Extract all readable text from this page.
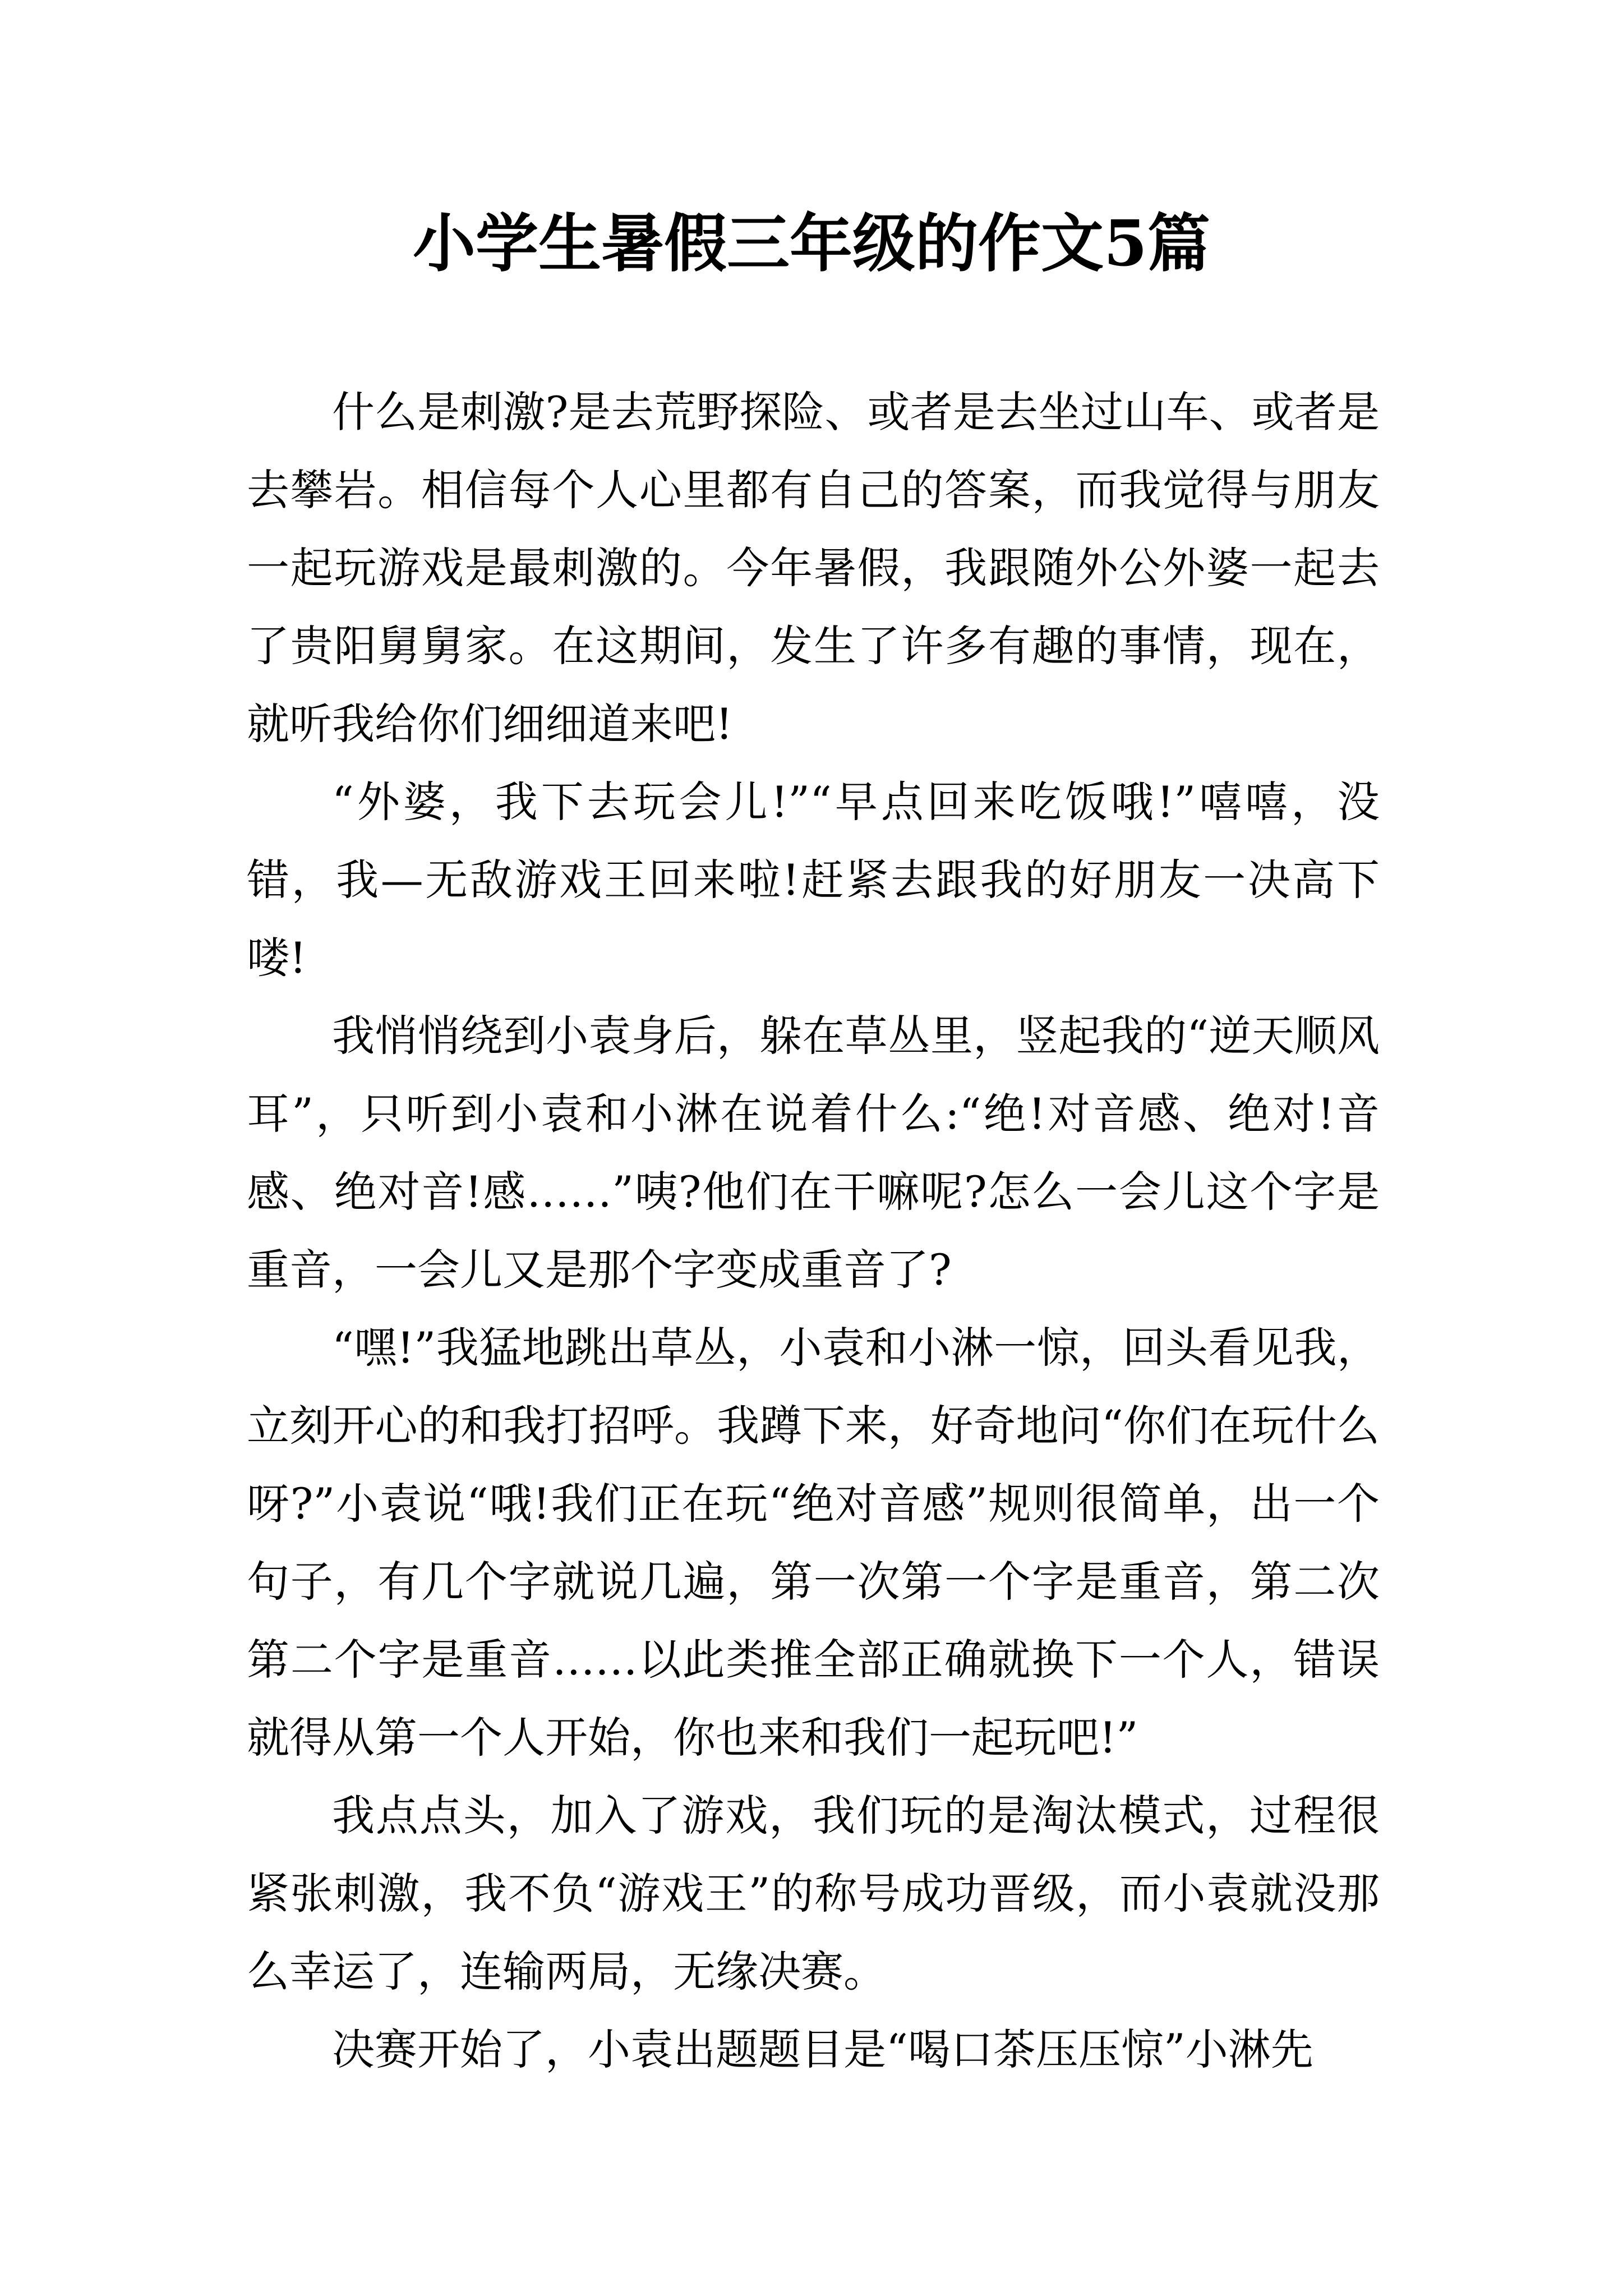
小学生暑假三年级的作文5篇

什么是刺激?是去荒野探险、或者是去坐过山车、或者是去攀岩。相信每个人心里都有自己的答案，而我觉得与朋友一起玩游戏是最刺激的。今年暑假，我跟随外公外婆一起去了贵阳舅舅家。在这期间，发生了许多有趣的事情，现在，就听我给你们细细道来吧!

“外婆，我下去玩会儿!”“早点回来吃饭哦!”嘻嘻，没错，我—无敌游戏王回来啦!赶紧去跟我的好朋友一决高下喽!

我悄悄绕到小袁身后，躲在草丛里，竖起我的“逆天顺风耳”，只听到小袁和小淋在说着什么:“绝!对音感、绝对!音感、绝对音!感……”咦?他们在干嘛呢?怎么一会儿这个字是重音，一会儿又是那个字变成重音了?

“嘿!”我猛地跳出草丛，小袁和小淋一惊，回头看见我，立刻开心的和我打招呼。我蹲下来，好奇地问“你们在玩什么呀?”小袁说“哦!我们正在玩“绝对音感”规则很简单，出一个句子，有几个字就说几遍，第一次第一个字是重音，第二次第二个字是重音……以此类推全部正确就换下一个人，错误就得从第一个人开始，你也来和我们一起玩吧!”

我点点头，加入了游戏，我们玩的是淘汰模式，过程很紧张刺激，我不负“游戏王”的称号成功晋级，而小袁就没那么幸运了，连输两局，无缘决赛。

决赛开始了，小袁出题题目是“喝口茶压压惊”小淋先
